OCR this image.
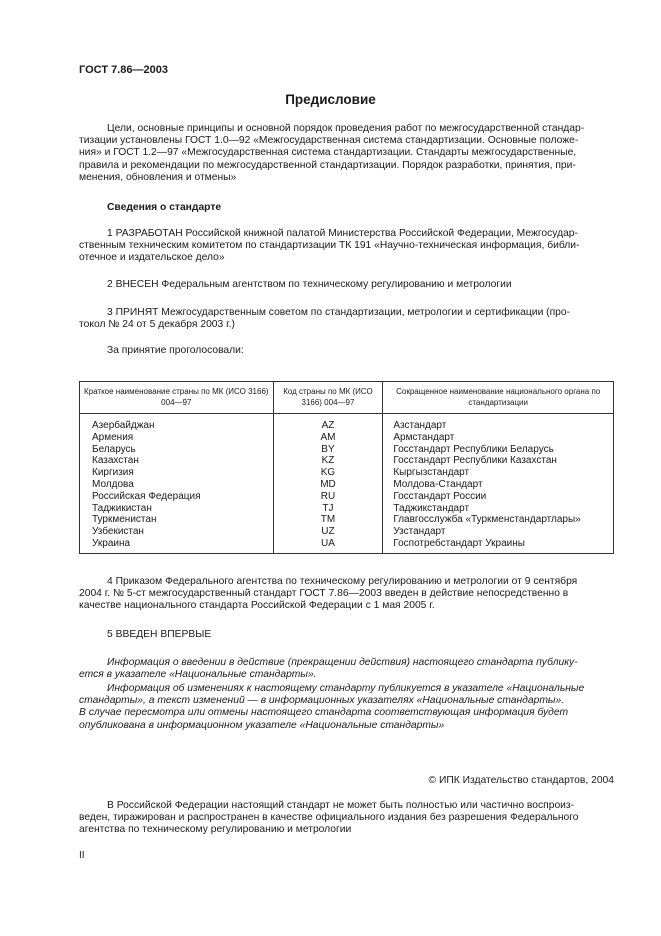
ГОСТ 7.86—2003
Предисловие
Цели, основные принципы и основной порядок проведения работ по межгосударственной стандар-
тизации установлены ГОСТ 1.0—92 «Межгосударственная система стандартизации. Основные положе-
ния» и ГОСТ 1.2—97 «Межгосударственная система стандартизации. Стандарты межгосударственные,
правила и рекомендации по межгосударственной стандартизации. Порядок разработки, принятия, при-
менения, обновления и отмены»
Сведения о стандарте
1 РАЗРАБОТАН Российской книжной палатой Министерства Российской Федерации, Межгосудар-
ственным техническим комитетом по стандартизации ТК 191 «Научно-техническая информация, библи-
отечное и издательское дело»
2 ВНЕСЕН Федеральным агентством по техническому регулированию и метрологии
3 ПРИНЯТ Межгосударственным советом по стандартизации, метрологии и сертификации (про-
токол № 24 от 5 декабря 2003 г.)
За принятие проголосовали:
Краткое наименование страны по МК (ИСО 3166) 004—97	Код страны по МК (ИСО 3166) 004—97	Сокращенное наименование национального органа по стандартизации
Азербайджан	AZ	Азстандарт
Армения	AM	Армстандарт
Беларусь	BY	Госстандарт Республики Беларусь
Казахстан	KZ	Госстандарт Республики Казахстан
Киргизия	KG	Кыргызстандарт
Молдова	MD	Молдова-Стандарт
Российская Федерация	RU	Госстандарт России
Таджикистан	TJ	Таджикстандарт
Туркменистан	TM	Главгосслужба «Туркменстандартлары»
Узбекистан	UZ	Узстандарт
Украина	UA	Госпотребстандарт Украины
4 Приказом Федерального агентства по техническому регулированию и метрологии от 9 сентября
2004 г. № 5-ст межгосударственный стандарт ГОСТ 7.86—2003 введен в действие непосредственно в
качестве национального стандарта Российской Федерации с 1 мая 2005 г.
5 ВВЕДЕН ВПЕРВЫЕ
Информация о введении в действие (прекращении действия) настоящего стандарта публику-
ется в указателе «Национальные стандарты».
Информация об изменениях к настоящему стандарту публикуется в указателе «Национальные
стандарты», а текст изменений — в информационных указателях «Национальные стандарты».
В случае пересмотра или отмены настоящего стандарта соответствующая информация будет
опубликована в информационном указателе «Национальные стандарты»
© ИПК Издательство стандартов, 2004
В Российской Федерации настоящий стандарт не может быть полностью или частично воспроиз-
веден, тиражирован и распространен в качестве официального издания без разрешения Федерального
агентства по техническому регулированию и метрологии
II
